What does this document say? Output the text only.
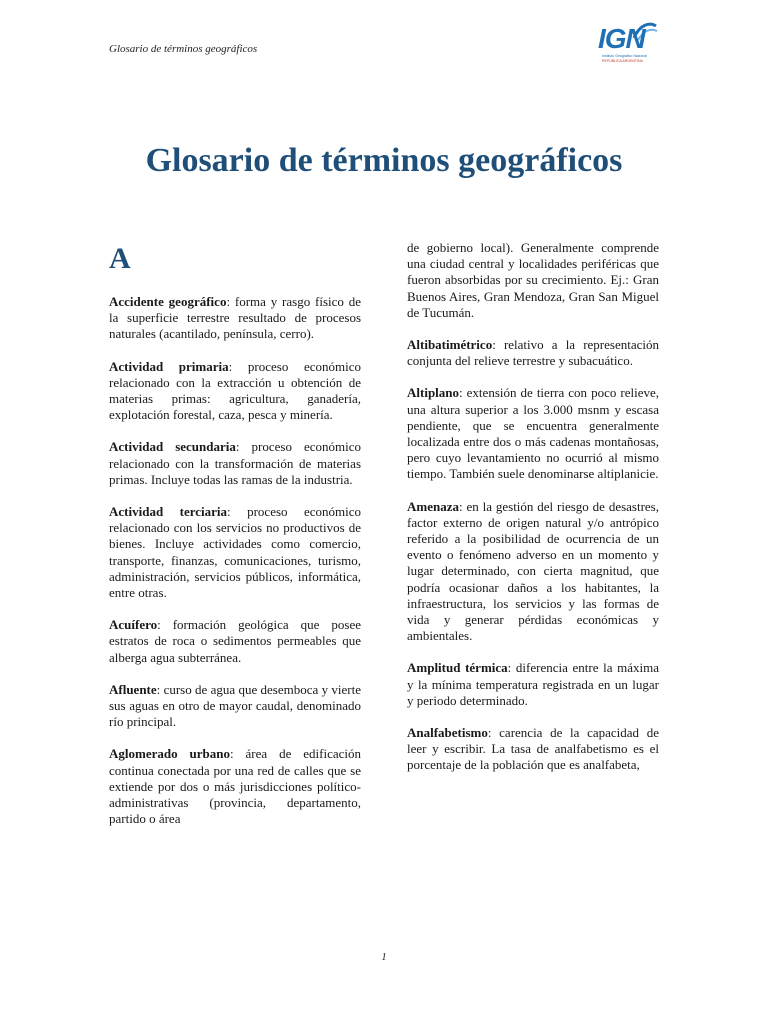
Glosario de términos geográficos	IGN
Instituto Geográfico Nacional
REPÚBLICA ARGENTINA
Glosario de términos geográficos
A

Accidente geográfico: forma y rasgo físico de la superficie terrestre resultado de procesos naturales (acantilado, península, cerro).

Actividad primaria: proceso económico relacionado con la extracción u obtención de materias primas: agricultura, ganadería, explotación forestal, caza, pesca y minería.

Actividad secundaria: proceso económico relacionado con la transformación de materias primas. Incluye todas las ramas de la industria.

Actividad terciaria: proceso económico relacionado con los servicios no productivos de bienes. Incluye actividades como comercio, transporte, finanzas, comunicaciones, turismo, administración, servicios públicos, informática, entre otras.

Acuífero: formación geológica que posee estratos de roca o sedimentos permeables que alberga agua subterránea.

Afluente: curso de agua que desemboca y vierte sus aguas en otro de mayor caudal, denominado río principal.

Aglomerado urbano: área de edificación continua conectada por una red de calles que se extiende por dos o más jurisdicciones político-administrativas (provincia, departamento, partido o área

de gobierno local). Generalmente comprende una ciudad central y localidades periféricas que fueron absorbidas por su crecimiento. Ej.: Gran Buenos Aires, Gran Mendoza, Gran San Miguel de Tucumán.

Altibatimétrico: relativo a la representación conjunta del relieve terrestre y subacuático.

Altiplano: extensión de tierra con poco relieve, una altura superior a los 3.000 msnm y escasa pendiente, que se encuentra generalmente localizada entre dos o más cadenas montañosas, pero cuyo levantamiento no ocurrió al mismo tiempo. También suele denominarse altiplanicie.

Amenaza: en la gestión del riesgo de desastres, factor externo de origen natural y/o antrópico referido a la posibilidad de ocurrencia de un evento o fenómeno adverso en un momento y lugar determinado, con cierta magnitud, que podría ocasionar daños a los habitantes, la infraestructura, los servicios y las formas de vida y generar pérdidas económicas y ambientales.

Amplitud térmica: diferencia entre la máxima y la mínima temperatura registrada en un lugar y periodo determinado.

Analfabetismo: carencia de la capacidad de leer y escribir. La tasa de analfabetismo es el porcentaje de la población que es analfabeta,

1
